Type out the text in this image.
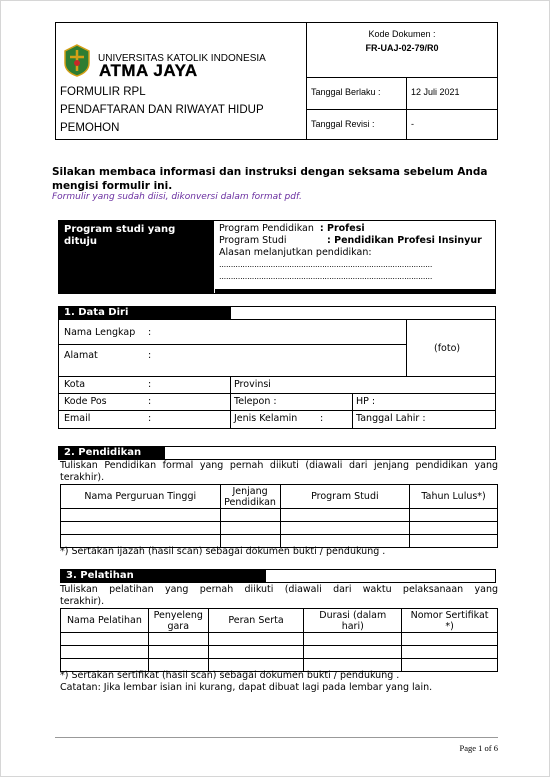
UNIVERSITAS KATOLIK INDONESIA
ATMA JAYA
FORMULIR RPL
PENDAFTARAN DAN RIWAYAT HIDUP
PEMOHON
Kode Dokumen :
FR-UAJ-02-79/R0
Tanggal Berlaku :	12 Juli 2021
Tanggal Revisi :	-
Silakan membaca informasi dan instruksi dengan seksama sebelum Anda mengisi formulir ini.
Formulir yang sudah diisi, dikonversi dalam format pdf.
Program studi yang dituju
Program Pendidikan : Profesi
Program Studi	: Pendidikan Profesi Insinyur
Alasan melanjutkan pendidikan:
...........................................................................................
...........................................................................................
1. Data Diri
Nama Lengkap :
Alamat	:
(foto)
Kota	:	Provinsi
Kode Pos	:	Telepon :	HP :
Email	:	Jenis Kelamin :	Tanggal Lahir :
2. Pendidikan
Tuliskan Pendidikan formal yang pernah diikuti (diawali dari jenjang pendidikan yang terakhir).
Nama Perguruan Tinggi	Jenjang Pendidikan	Program Studi	Tahun Lulus*)

*) Sertakan ijazah (hasil scan) sebagai dokumen bukti / pendukung .
3. Pelatihan
Tuliskan pelatihan yang pernah diikuti (diawali dari waktu pelaksanaan yang terakhir).
Nama Pelatihan	Penyelenggara	Peran Serta	Durasi (dalam hari)	Nomor Sertifikat *)

*) Sertakan sertifikat (hasil scan) sebagai dokumen bukti / pendukung .
Catatan: Jika lembar isian ini kurang, dapat dibuat lagi pada lembar yang lain.
Page 1 of 6
